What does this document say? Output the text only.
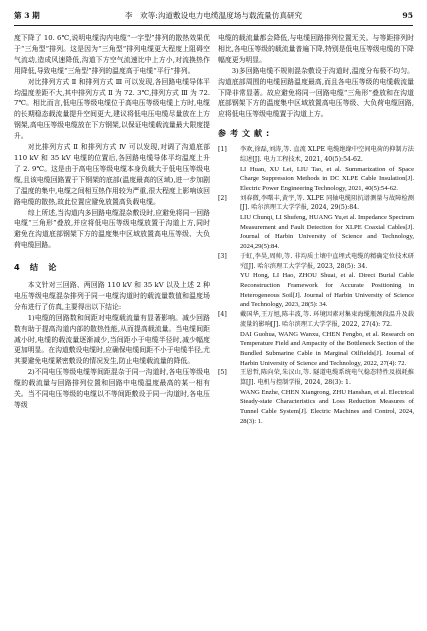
第 3 期	李　欢等:沟道敷设电力电缆温度场与载流量仿真研究	95

度下降了 10. 6℃,说明电缆沟内电缆“一字型”排列的散热效果优于“三角型”排列。这是因为“三角型”排列电缆更大程度上阻碍空气流动,造成风速降低,沟道下方空气流速比中上方小,对流换热作用降低,导致电缆“三角型”排列的温度高于电缆“平行”排列。

对比排列方式 Ⅱ 和排列方式 Ⅲ 可以发现,各回路电缆导体平均温度差距不大,其中排列方式 Ⅱ 为 72. 3℃,排列方式 Ⅲ 为 72. 7℃。相比而言,低电压等级电缆位于高电压等级电缆上方时,电缆的长期稳态载流量提升空间更大,建议将低电压电缆尽量放在上方钢架,高电压等级电缆放在下方钢架,以保证电缆载流量最大限度提升。

对比排列方式 Ⅱ 和排列方式 Ⅳ 可以发现,对调了沟道底部 110 kV 和 35 kV 电缆的位置后,各回路电缆导体平均温度上升了 2. 9℃。这是由于高电压等级电缆本身负载大于低电压等级电缆,且该电缆回路置于下钢架的底部(温度最高的区域),进一步加剧了温度的集中,电缆之间相互热作用较为严重,很大程度上影响该回路电缆的散热,故此位置应避免放置高负载电缆。

综上所述,当沟道内多回路电缆混杂敷设时,应避免将同一回路电缆“三角形”叠放,并应将低电压等级电缆放置于沟道上方,同时避免在沟道底部钢架下方的温度集中区域放置高电压等级、大负荷电缆回路。

4　结　论

本文针对三回路、两回路 110 kV 和 35 kV 以及上述 2 种电压等级电缆混杂排列于同一电缆沟道时的载流量数值和温度场分布进行了仿真,主要得出以下结论:

1)电缆的回路数和间距对电缆载流量有显著影响。减少回路数有助于提高沟道内部的散热性能,从而提高载流量。当电缆间距减小时,电缆的载流量逐渐减少,当间距小于电缆半径时,减少幅度更加明显。在沟道敷设电缆时,应确保电缆间距不小于电缆半径,尤其要避免电缆紧密敷设的情况发生,防止电缆载流量的降低。

2)不同电压等级电缆等间距混杂于同一沟道时,各电压等级电缆的载流量与回路排列位置和回路中电缆温度最高的某一相有关。当不同电压等级的电缆以不等间距敷设于同一沟道时,各电压等级

电缆的载流量都会降低,与电缆回路排列位置无关。与等距排列时相比,各电压等级的载流量普遍下降,特别是低电压等级电缆的下降幅度更为明显。

3)多回路电缆不规则混杂敷设于沟道时,温度分布极不均匀。沟道底部周围的电缆回路温度最高,而且各电压等级的电缆载流量下降非常显著。故应避免将同一回路电缆“三角形”叠放和在沟道底部钢架下方的温度集中区域放置高电压等级、大负荷电缆回路,应将低电压等级电缆置于沟道上方。

参考文献:

[1] 李欢,徐磊,刘涛,等. 直流 XLPE 电缆绝缘中空间电荷的抑制方法综述[J]. 电力工程技术, 2021, 40(5):54-62.
LI Huan, XU Lei, LIU Tao, et al. Summarization of Space Charge Suppression Methods in DC XLPE Cable Insulation[J]. Electric Power Engineering Technology, 2021, 40(5):54-62.
[2] 刘春微,李曙丰,黄宇,等. XLPE 同轴电缆阻抗谱测量与故障检测[J]. 哈尔滨理工大学学报, 2024, 29(5):84.
LIU Chunqi, LI Shufeng, HUANG Yu,et al. Impedance Spectrum Measurement and Fault Detection for XLPE Coaxial Cables[J]. Journal of Harbin University of Science and Technology, 2024,29(5):84.
[3] 于虹,李昊,周帅,等. 非均质土壤中直埋式电缆的精确定位技术研究[J]. 哈尔滨理工大学学报, 2023, 28(5): 34.
YU Hong, LI Hao, ZHOU Shuai, et al. Direct Burial Cable Reconstruction Framework for Accurate Positioning in Heterogeneous Soil[J]. Journal of Harbin University of Science and Technology, 2023, 28(5): 34.
[4] 戴国华,王万旭,陈丰波,等. 环境因素对集束海缆瓶颈段温升及载流量的影响[J]. 哈尔滨理工大学学报, 2022, 27(4): 72.
DAI Guohua, WANG Wanxu, CHEN Fengbo, et al. Research on Temperature Field and Ampacity of the Bottleneck Section of the Bundled Submarine Cable in Marginal Oilfields[J]. Journal of Harbin University of Science and Technology, 2022, 27(4): 72.
[5] 王恩哲,陈向荣,朱汉山,等. 隧道电缆系统电气稳态特性及损耗推算[J]. 电机与控制学报, 2024, 28(3): 1.
WANG Enzhe, CHEN Xiangrong, ZHU Hanshan, et al. Electrical Steady-state Characteristics and Loss Reduction Measures of Tunnel Cable System[J]. Electric Machines and Control, 2024, 28(3): 1.
